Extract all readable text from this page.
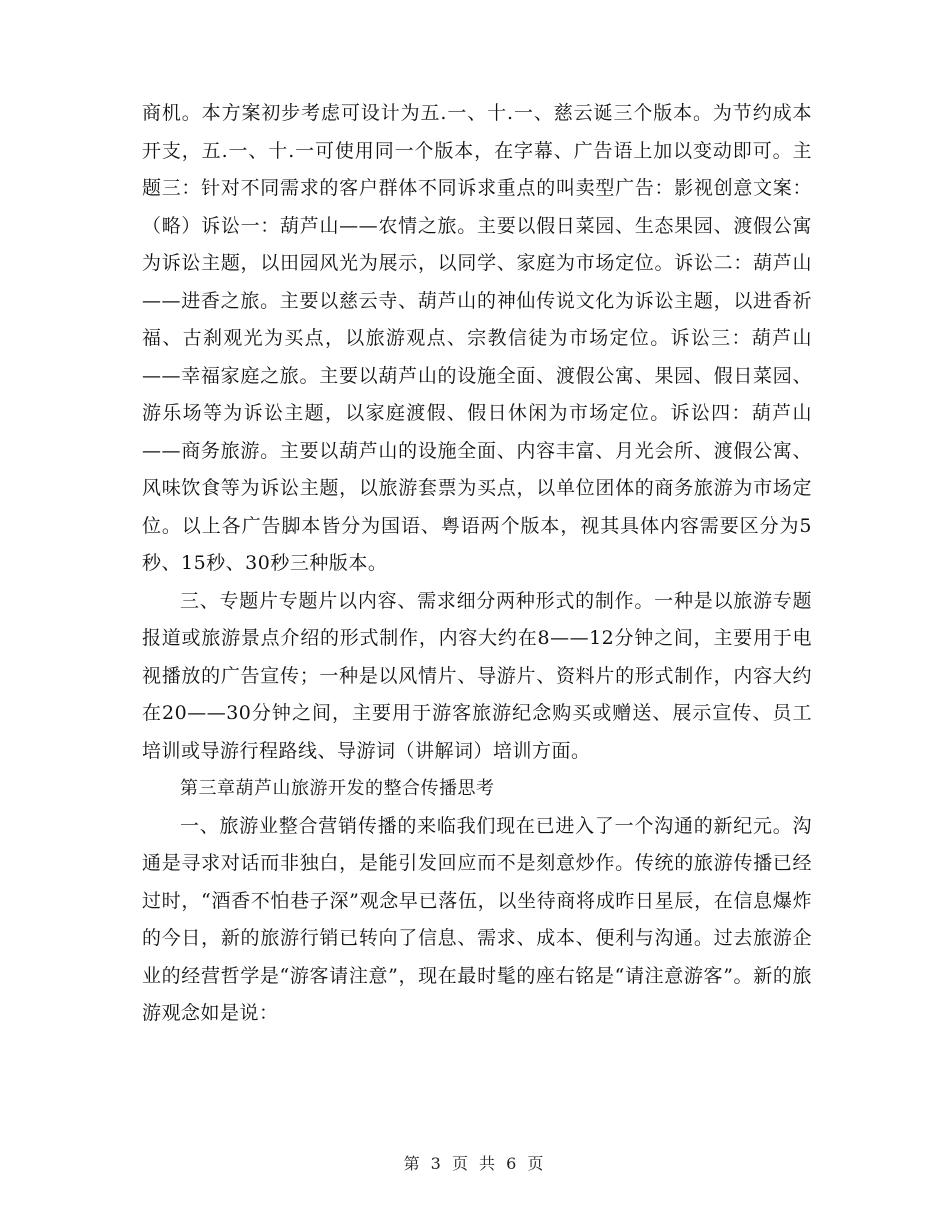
商机。本方案初步考虑可设计为五.一、十.一、慈云诞三个版本。为节约成本开支，五.一、十.一可使用同一个版本，在字幕、广告语上加以变动即可。主题三：针对不同需求的客户群体不同诉求重点的叫卖型广告：影视创意文案：（略）诉讼一：葫芦山——农情之旅。主要以假日菜园、生态果园、渡假公寓为诉讼主题，以田园风光为展示，以同学、家庭为市场定位。诉讼二：葫芦山——进香之旅。主要以慈云寺、葫芦山的神仙传说文化为诉讼主题，以进香祈福、古刹观光为买点，以旅游观点、宗教信徒为市场定位。诉讼三：葫芦山——幸福家庭之旅。主要以葫芦山的设施全面、渡假公寓、果园、假日菜园、游乐场等为诉讼主题，以家庭渡假、假日休闲为市场定位。诉讼四：葫芦山——商务旅游。主要以葫芦山的设施全面、内容丰富、月光会所、渡假公寓、风味饮食等为诉讼主题，以旅游套票为买点，以单位团体的商务旅游为市场定位。以上各广告脚本皆分为国语、粤语两个版本，视其具体内容需要区分为5秒、15秒、30秒三种版本。

三、专题片专题片以内容、需求细分两种形式的制作。一种是以旅游专题报道或旅游景点介绍的形式制作，内容大约在8——12分钟之间，主要用于电视播放的广告宣传；一种是以风情片、导游片、资料片的形式制作，内容大约在20——30分钟之间，主要用于游客旅游纪念购买或赠送、展示宣传、员工培训或导游行程路线、导游词（讲解词）培训方面。

第三章葫芦山旅游开发的整合传播思考

一、旅游业整合营销传播的来临我们现在已进入了一个沟通的新纪元。沟通是寻求对话而非独白，是能引发回应而不是刻意炒作。传统的旅游传播已经过时，“酒香不怕巷子深”观念早已落伍，以坐待商将成昨日星辰，在信息爆炸的今日，新的旅游行销已转向了信息、需求、成本、便利与沟通。过去旅游企业的经营哲学是“游客请注意”，现在最时髦的座右铭是“请注意游客”。新的旅游观念如是说：

第 3 页 共 6 页
